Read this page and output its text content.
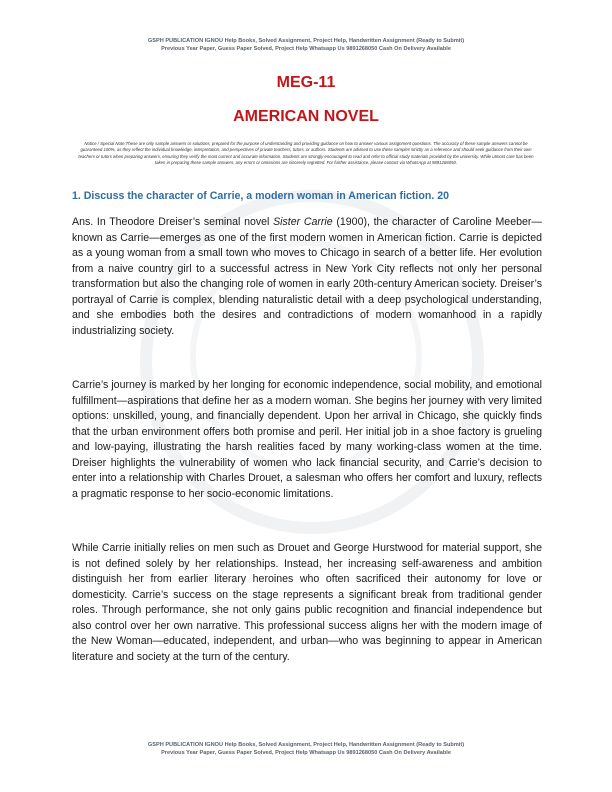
GSPH PUBLICATION IGNOU Help Books, Solved Assignment, Project Help, Handwritten Assignment (Ready to Submit)
Previous Year Paper, Guess Paper Solved, Project Help Whatsapp Us 9891268050 Cash On Delivery Available
MEG-11
AMERICAN NOVEL
Notice / Special Note:These are only sample answers or solutions, prepared for the purpose of understanding and providing guidance on how to answer various assignment questions. The accuracy of these sample answers cannot be guaranteed 100%, as they reflect the individual knowledge, interpretation, and perspectives of private teachers, tutors, or authors. Students are advised to use these samples strictly as a reference and should seek guidance from their own teachers or tutors when preparing answers, ensuring they verify the most current and accurate information. Students are strongly encouraged to read and refer to official study materials provided by the university. While utmost care has been taken in preparing these sample answers, any errors or omissions are sincerely regretted. For further assistance, please contact via WhatsApp at 9891268050.
1. Discuss the character of Carrie, a modern woman in American fiction. 20

Ans. In Theodore Dreiser’s seminal novel Sister Carrie (1900), the character of Caroline Meeber—known as Carrie—emerges as one of the first modern women in American fiction. Carrie is depicted as a young woman from a small town who moves to Chicago in search of a better life. Her evolution from a naive country girl to a successful actress in New York City reflects not only her personal transformation but also the changing role of women in early 20th-century American society. Dreiser’s portrayal of Carrie is complex, blending naturalistic detail with a deep psychological understanding, and she embodies both the desires and contradictions of modern womanhood in a rapidly industrializing society.

Carrie’s journey is marked by her longing for economic independence, social mobility, and emotional fulfillment—aspirations that define her as a modern woman. She begins her journey with very limited options: unskilled, young, and financially dependent. Upon her arrival in Chicago, she quickly finds that the urban environment offers both promise and peril. Her initial job in a shoe factory is grueling and low-paying, illustrating the harsh realities faced by many working-class women at the time. Dreiser highlights the vulnerability of women who lack financial security, and Carrie’s decision to enter into a relationship with Charles Drouet, a salesman who offers her comfort and luxury, reflects a pragmatic response to her socio-economic limitations.

While Carrie initially relies on men such as Drouet and George Hurstwood for material support, she is not defined solely by her relationships. Instead, her increasing self-awareness and ambition distinguish her from earlier literary heroines who often sacrificed their autonomy for love or domesticity. Carrie’s success on the stage represents a significant break from traditional gender roles. Through performance, she not only gains public recognition and financial independence but also control over her own narrative. This professional success aligns her with the modern image of the New Woman—educated, independent, and urban—who was beginning to appear in American literature and society at the turn of the century.

GSPH PUBLICATION IGNOU Help Books, Solved Assignment, Project Help, Handwritten Assignment (Ready to Submit)
Previous Year Paper, Guess Paper Solved, Project Help Whatsapp Us 9891268050 Cash On Delivery Available
